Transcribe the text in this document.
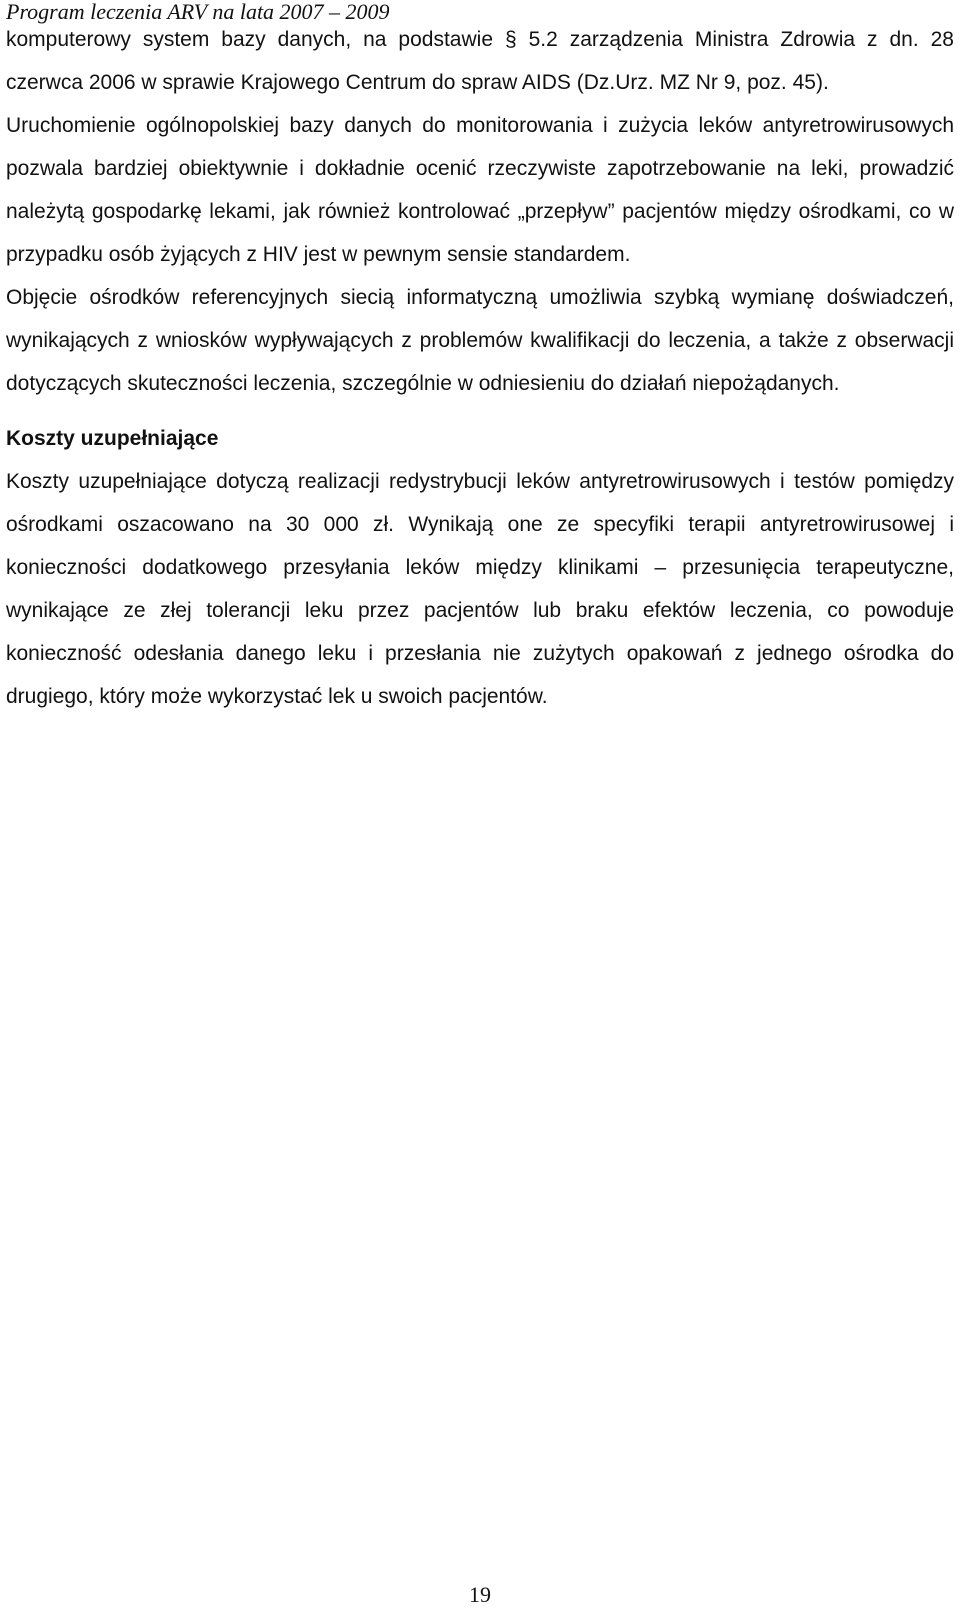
Program leczenia ARV na lata 2007 – 2009

komputerowy system bazy danych, na podstawie § 5.2 zarządzenia Ministra Zdrowia z dn. 28 czerwca 2006 w sprawie Krajowego Centrum do spraw AIDS (Dz.Urz. MZ Nr 9, poz. 45).

Uruchomienie ogólnopolskiej bazy danych do monitorowania i zużycia leków antyretrowirusowych pozwala bardziej obiektywnie i dokładnie ocenić rzeczywiste zapotrzebowanie na leki, prowadzić należytą gospodarkę lekami, jak również kontrolować „przepływ” pacjentów między ośrodkami, co w przypadku osób żyjących z HIV jest w pewnym sensie standardem.

Objęcie ośrodków referencyjnych siecią informatyczną umożliwia szybką wymianę doświadczeń, wynikających z wniosków wypływających z problemów kwalifikacji do leczenia, a także z obserwacji dotyczących skuteczności leczenia, szczególnie w odniesieniu do działań niepożądanych.

Koszty uzupełniające

Koszty uzupełniające dotyczą realizacji redystrybucji leków antyretrowirusowych i testów pomiędzy ośrodkami oszacowano na 30 000 zł. Wynikają one ze specyfiki terapii antyretrowirusowej i konieczności dodatkowego przesyłania leków między klinikami – przesunięcia terapeutyczne, wynikające ze złej tolerancji leku przez pacjentów lub braku efektów leczenia, co powoduje konieczność odesłania danego leku i przesłania nie zużytych opakowań z jednego ośrodka do drugiego, który może wykorzystać lek u swoich pacjentów.

19
